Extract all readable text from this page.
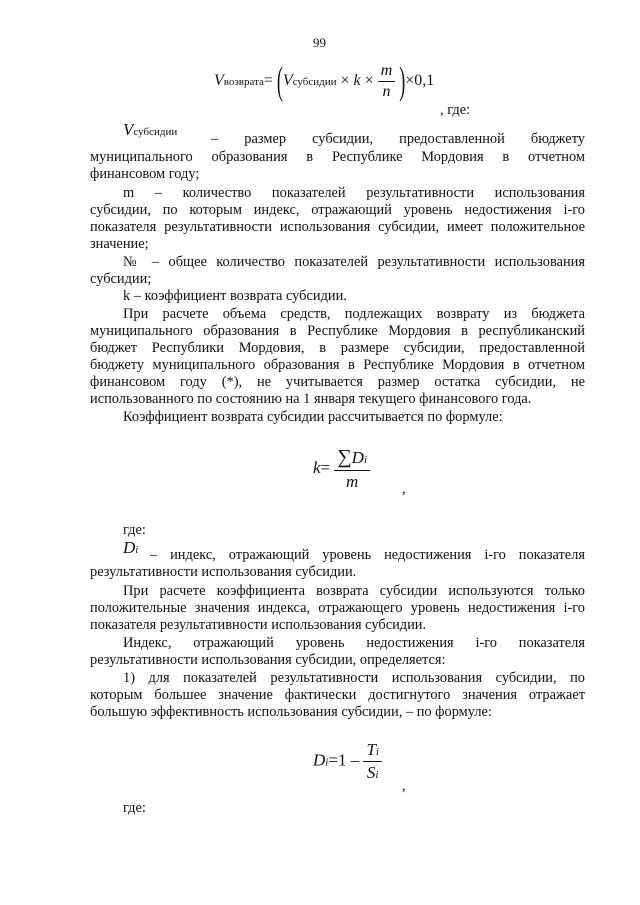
99
Vвозврата= (Vсубсидии × $k \times \frac{m}{n} )\times 0,1$
, где:
Vсубсидии – размер субсидии, предоставленной бюджету
муниципального образования в Республике Мордовия в отчетном
финансовом году;
m – количество показателей результативности использования
субсидии, по которым индекс, отражающий уровень недостижения i-го
показателя результативности использования субсидии, имеет положительное
значение;
№ – общее количество показателей результативности использования
субсидии;
k – коэффициент возврата субсидии.
При расчете объема средств, подлежащих возврату из бюджета
муниципального образования в Республике Мордовия в республиканский
бюджет Республики Мордовия, в размере субсидии, предоставленной
бюджету муниципального образования в Республике Мордовия в отчетном
финансовом году (*), не учитывается размер остатка субсидии, не
использованного по состоянию на 1 января текущего финансового года.
Коэффициент возврата субсидии рассчитывается по формуле:
$k= \frac{\sum Di}{m}$ ,
где:
Di – индекс, отражающий уровень недостижения i-го показателя
результативности использования субсидии.
При расчете коэффициента возврата субсидии используются только
положительные значения индекса, отражающего уровень недостижения i-го
показателя результативности использования субсидии.
Индекс, отражающий уровень недостижения i-го показателя
результативности использования субсидии, определяется:
1) для показателей результативности использования субсидии, по
которым большее значение фактически достигнутого значения отражает
большую эффективность использования субсидии, – по формуле:
$Di=1 - \frac{Ti}{Si}$
,
где:
